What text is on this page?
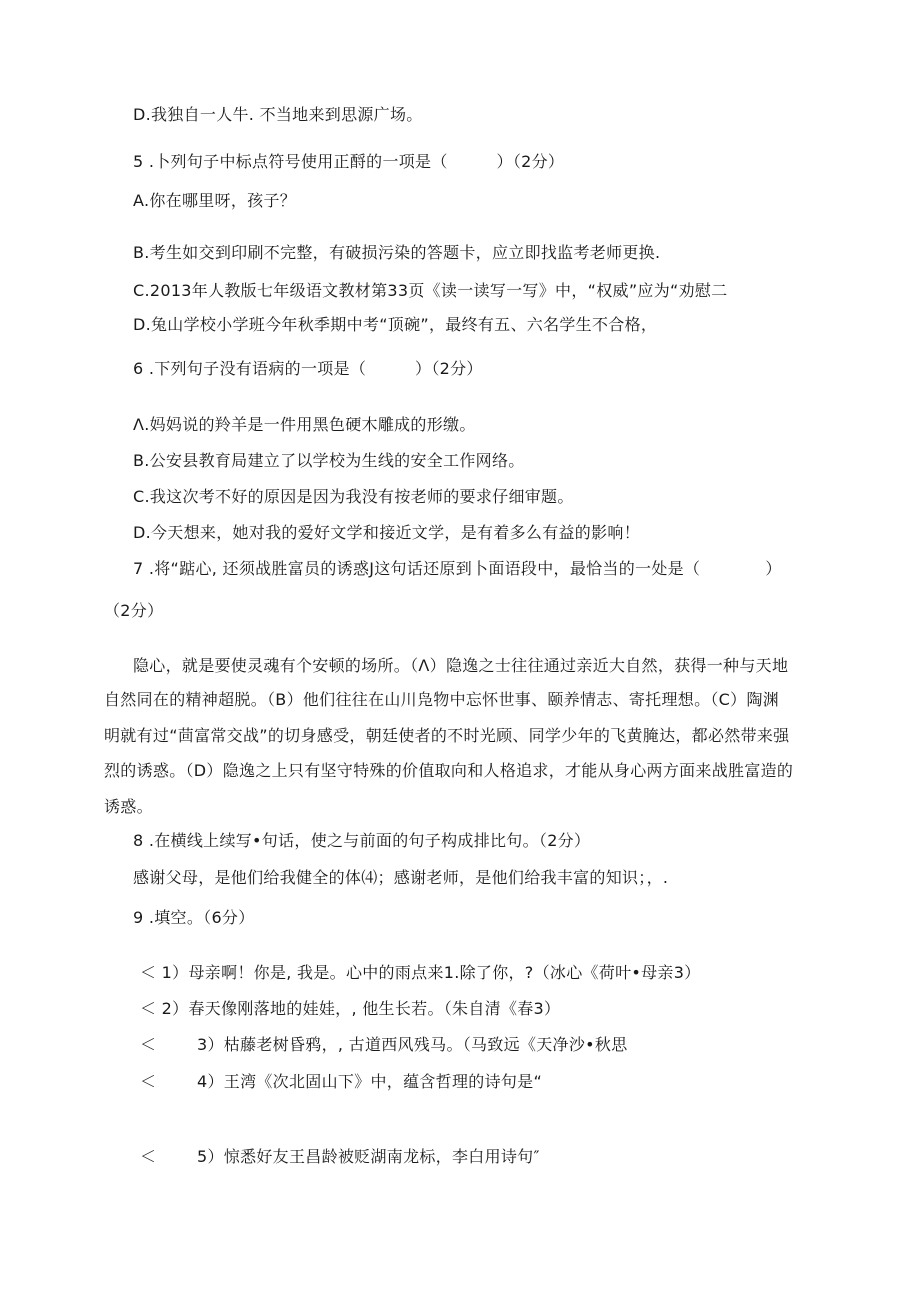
D.我独自一人牛. 不当地来到思源广场。
5 .卜列句子中标点符号使用正酹的一项是（　　　）（2分）
A.你在哪里呀，孩子？
B.考生如交到印刷不完整，有破损污染的答题卡，应立即找监考老师更换.
C.2013年人教版七年级语文教材第33页《读一读写一写》中，“权威”应为“劝慰二
D.兔山学校小学班今年秋季期中考“顶碗”，最终有五、六名学生不合格，
6 .下列句子没有语病的一项是（　　　）（2分）
Λ.妈妈说的羚羊是一件用黑色硬木雕成的形缴。
B.公安县教育局建立了以学校为生线的安全工作网络。
C.我这次考不好的原因是因为我没有按老师的要求仔细审题。
D.今天想来，她对我的爱好文学和接近文学，是有着多么有益的影响！
7 .将“踮心, 还须战胜富员的诱惑J这句话还原到卜面语段中，最恰当的一处是（　　　　）
（2分）
隐心，就是要使灵魂有个安顿的场所。（Λ）隐逸之士往往通过亲近大自然，获得一种与天地
自然同在的精神超脱。（B）他们往往在山川凫物中忘怀世事、颐养情志、寄托理想。（C）陶渊
明就有过“茴富常交战”的切身感受，朝廷使者的不时光顾、同学少年的飞黄腌达，都必然带来强
烈的诱惑。（D）隐逸之上只有坚守特殊的价值取向和人格追求，才能从身心两方面来战胜富造的
诱惑。
8 .在横线上续写•句话，使之与前面的句子构成排比句。（2分）
感谢父母，是他们给我健全的体⑷；感谢老师，是他们给我丰富的知识；，.
9 .填空。（6分）
＜ 1）母亲啊！你是, 我是。心中的雨点来1.除了你，?（冰心《荷叶•母亲3）
＜ 2）春天像刚落地的娃娃，, 他生长若。（朱自清《春3）
＜	3）枯藤老树昏鸦，, 古道西风残马。（马致远《天净沙•秋思
＜	4）王湾《次北固山下》中，蕴含哲理的诗句是“
＜	5）惊悉好友王昌龄被贬湖南龙标，李白用诗句″
